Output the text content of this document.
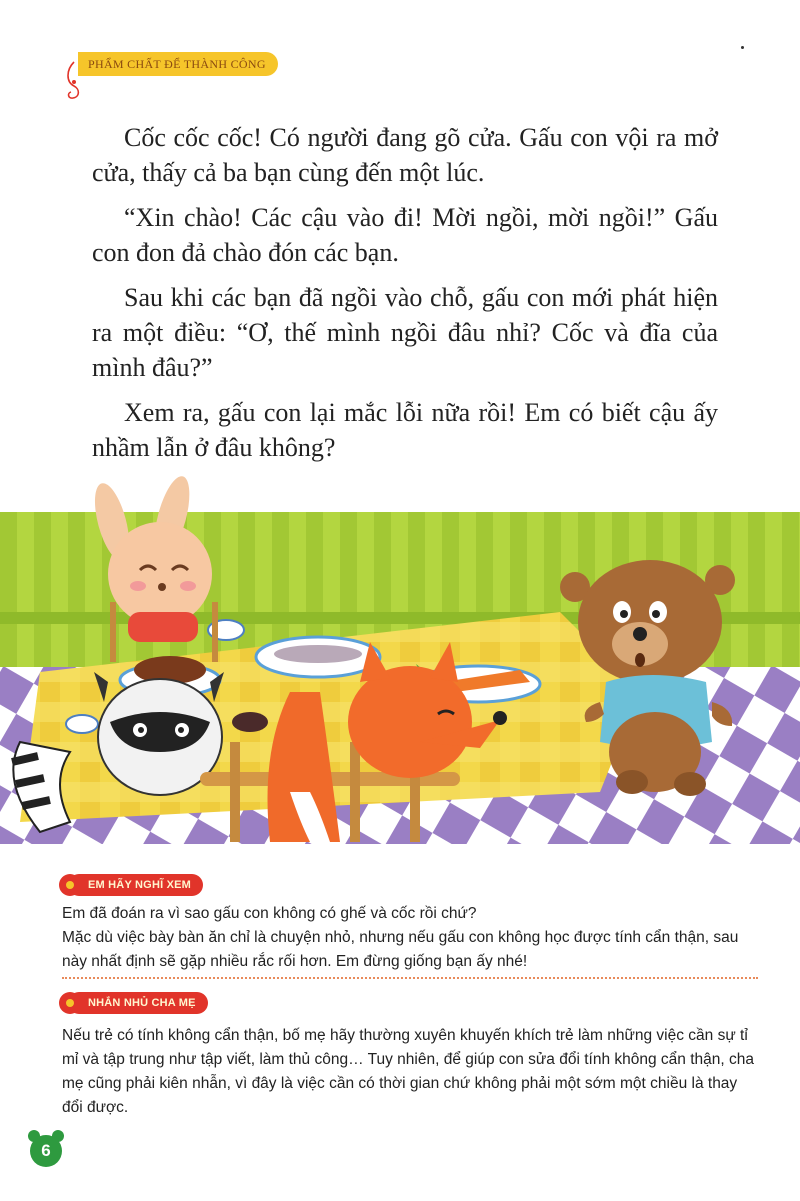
PHẨM CHẤT ĐỂ THÀNH CÔNG

Cốc cốc cốc! Có người đang gõ cửa. Gấu con vội ra mở cửa, thấy cả ba bạn cùng đến một lúc.

“Xin chào! Các cậu vào đi! Mời ngồi, mời ngồi!” Gấu con đon đả chào đón các bạn.

Sau khi các bạn đã ngồi vào chỗ, gấu con mới phát hiện ra một điều: “Ơ, thế mình ngồi đâu nhỉ? Cốc và đĩa của mình đâu?”

Xem ra, gấu con lại mắc lỗi nữa rồi! Em có biết cậu ấy nhầm lẫn ở đâu không?

EM HÃY NGHĨ XEM

Em đã đoán ra vì sao gấu con không có ghế và cốc rồi chứ?

Mặc dù việc bày bàn ăn chỉ là chuyện nhỏ, nhưng nếu gấu con không học được tính cẩn thận, sau này nhất định sẽ gặp nhiều rắc rối hơn. Em đừng giống bạn ấy nhé!

NHẮN NHỦ CHA MẸ

Nếu trẻ có tính không cẩn thận, bố mẹ hãy thường xuyên khuyến khích trẻ làm những việc cần sự tỉ mỉ và tập trung như tập viết, làm thủ công… Tuy nhiên, để giúp con sửa đổi tính không cẩn thận, cha mẹ cũng phải kiên nhẫn, vì đây là việc cần có thời gian chứ không phải một sớm một chiều là thay đổi được.

6
